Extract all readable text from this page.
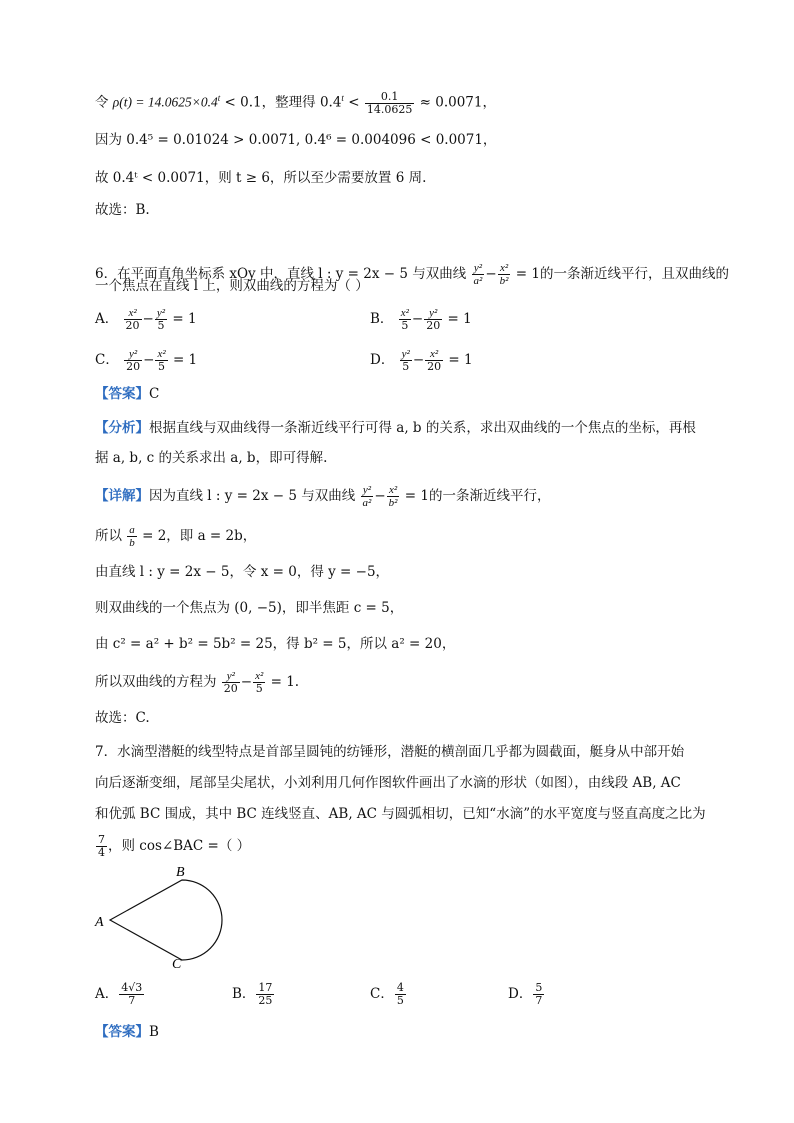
令 $\rho(t) = 14.0625\times 0.4^t < 0.1$，整理得 $0.4^t < \frac{0.1}{14.0625} \approx 0.0071$，
因为 0.4⁵ = 0.01024 > 0.0071, 0.4⁶ = 0.004096 < 0.0071，
故 0.4ᵗ < 0.0071，则 t ≥ 6，所以至少需要放置 6 周.
故选：B.
6．在平面直角坐标系 xOy 中，直线 l : y = 2x − 5 与双曲线 $\frac{\text{y²}}{\text{a²}} - \frac{\text{x²}}{\text{b²}} = 1$的一条渐近线平行，且双曲线的
一个焦点在直线 l 上，则双曲线的方程为（ ）
A． $\frac{\text{x²}}{20} - \frac{\text{y²}}{5} = 1$	B． $\frac{\text{x²}}{5} - \frac{\text{y²}}{20} = 1$
C． $\frac{\text{y²}}{20} - \frac{\text{x²}}{5} = 1$	D． $\frac{\text{y²}}{5} - \frac{\text{x²}}{20} = 1$
【答案】C
【分析】根据直线与双曲线得一条渐近线平行可得 a, b 的关系，求出双曲线的一个焦点的坐标，再根
据 a, b, c 的关系求出 a, b，即可得解.
【详解】因为直线 l : y = 2x − 5 与双曲线 $\frac{\text{y²}}{\text{a²}} - \frac{\text{x²}}{\text{b²}} = 1$的一条渐近线平行，
所以 $\frac{a}{b} = 2$，即 a = 2b，
由直线 l : y = 2x − 5，令 x = 0，得 y = −5，
则双曲线的一个焦点为 (0, −5)，即半焦距 c = 5，
由 c² = a² + b² = 5b² = 25，得 b² = 5，所以 a² = 20，
所以双曲线的方程为 $\frac{\text{y²}}{20} - \frac{\text{x²}}{5} = 1$.
故选：C.
7．水滴型潜艇的线型特点是首部呈圆钝的纺锤形，潜艇的横剖面几乎都为圆截面，艇身从中部开始
向后逐渐变细，尾部呈尖尾状，小刘利用几何作图软件画出了水滴的形状（如图），由线段 AB, AC
和优弧 BC 围成，其中 BC 连线竖直、AB, AC 与圆弧相切，已知“水滴”的水平宽度与竖直高度之比为
$\frac{7}{4}$ ，则 cos∠BAC =（ ）
B
A
C
A． $\frac{4√3}{7}$	B． $\frac{17}{25}$	C． $\frac{4}{5}$	D． $\frac{5}{7}$
【答案】B
